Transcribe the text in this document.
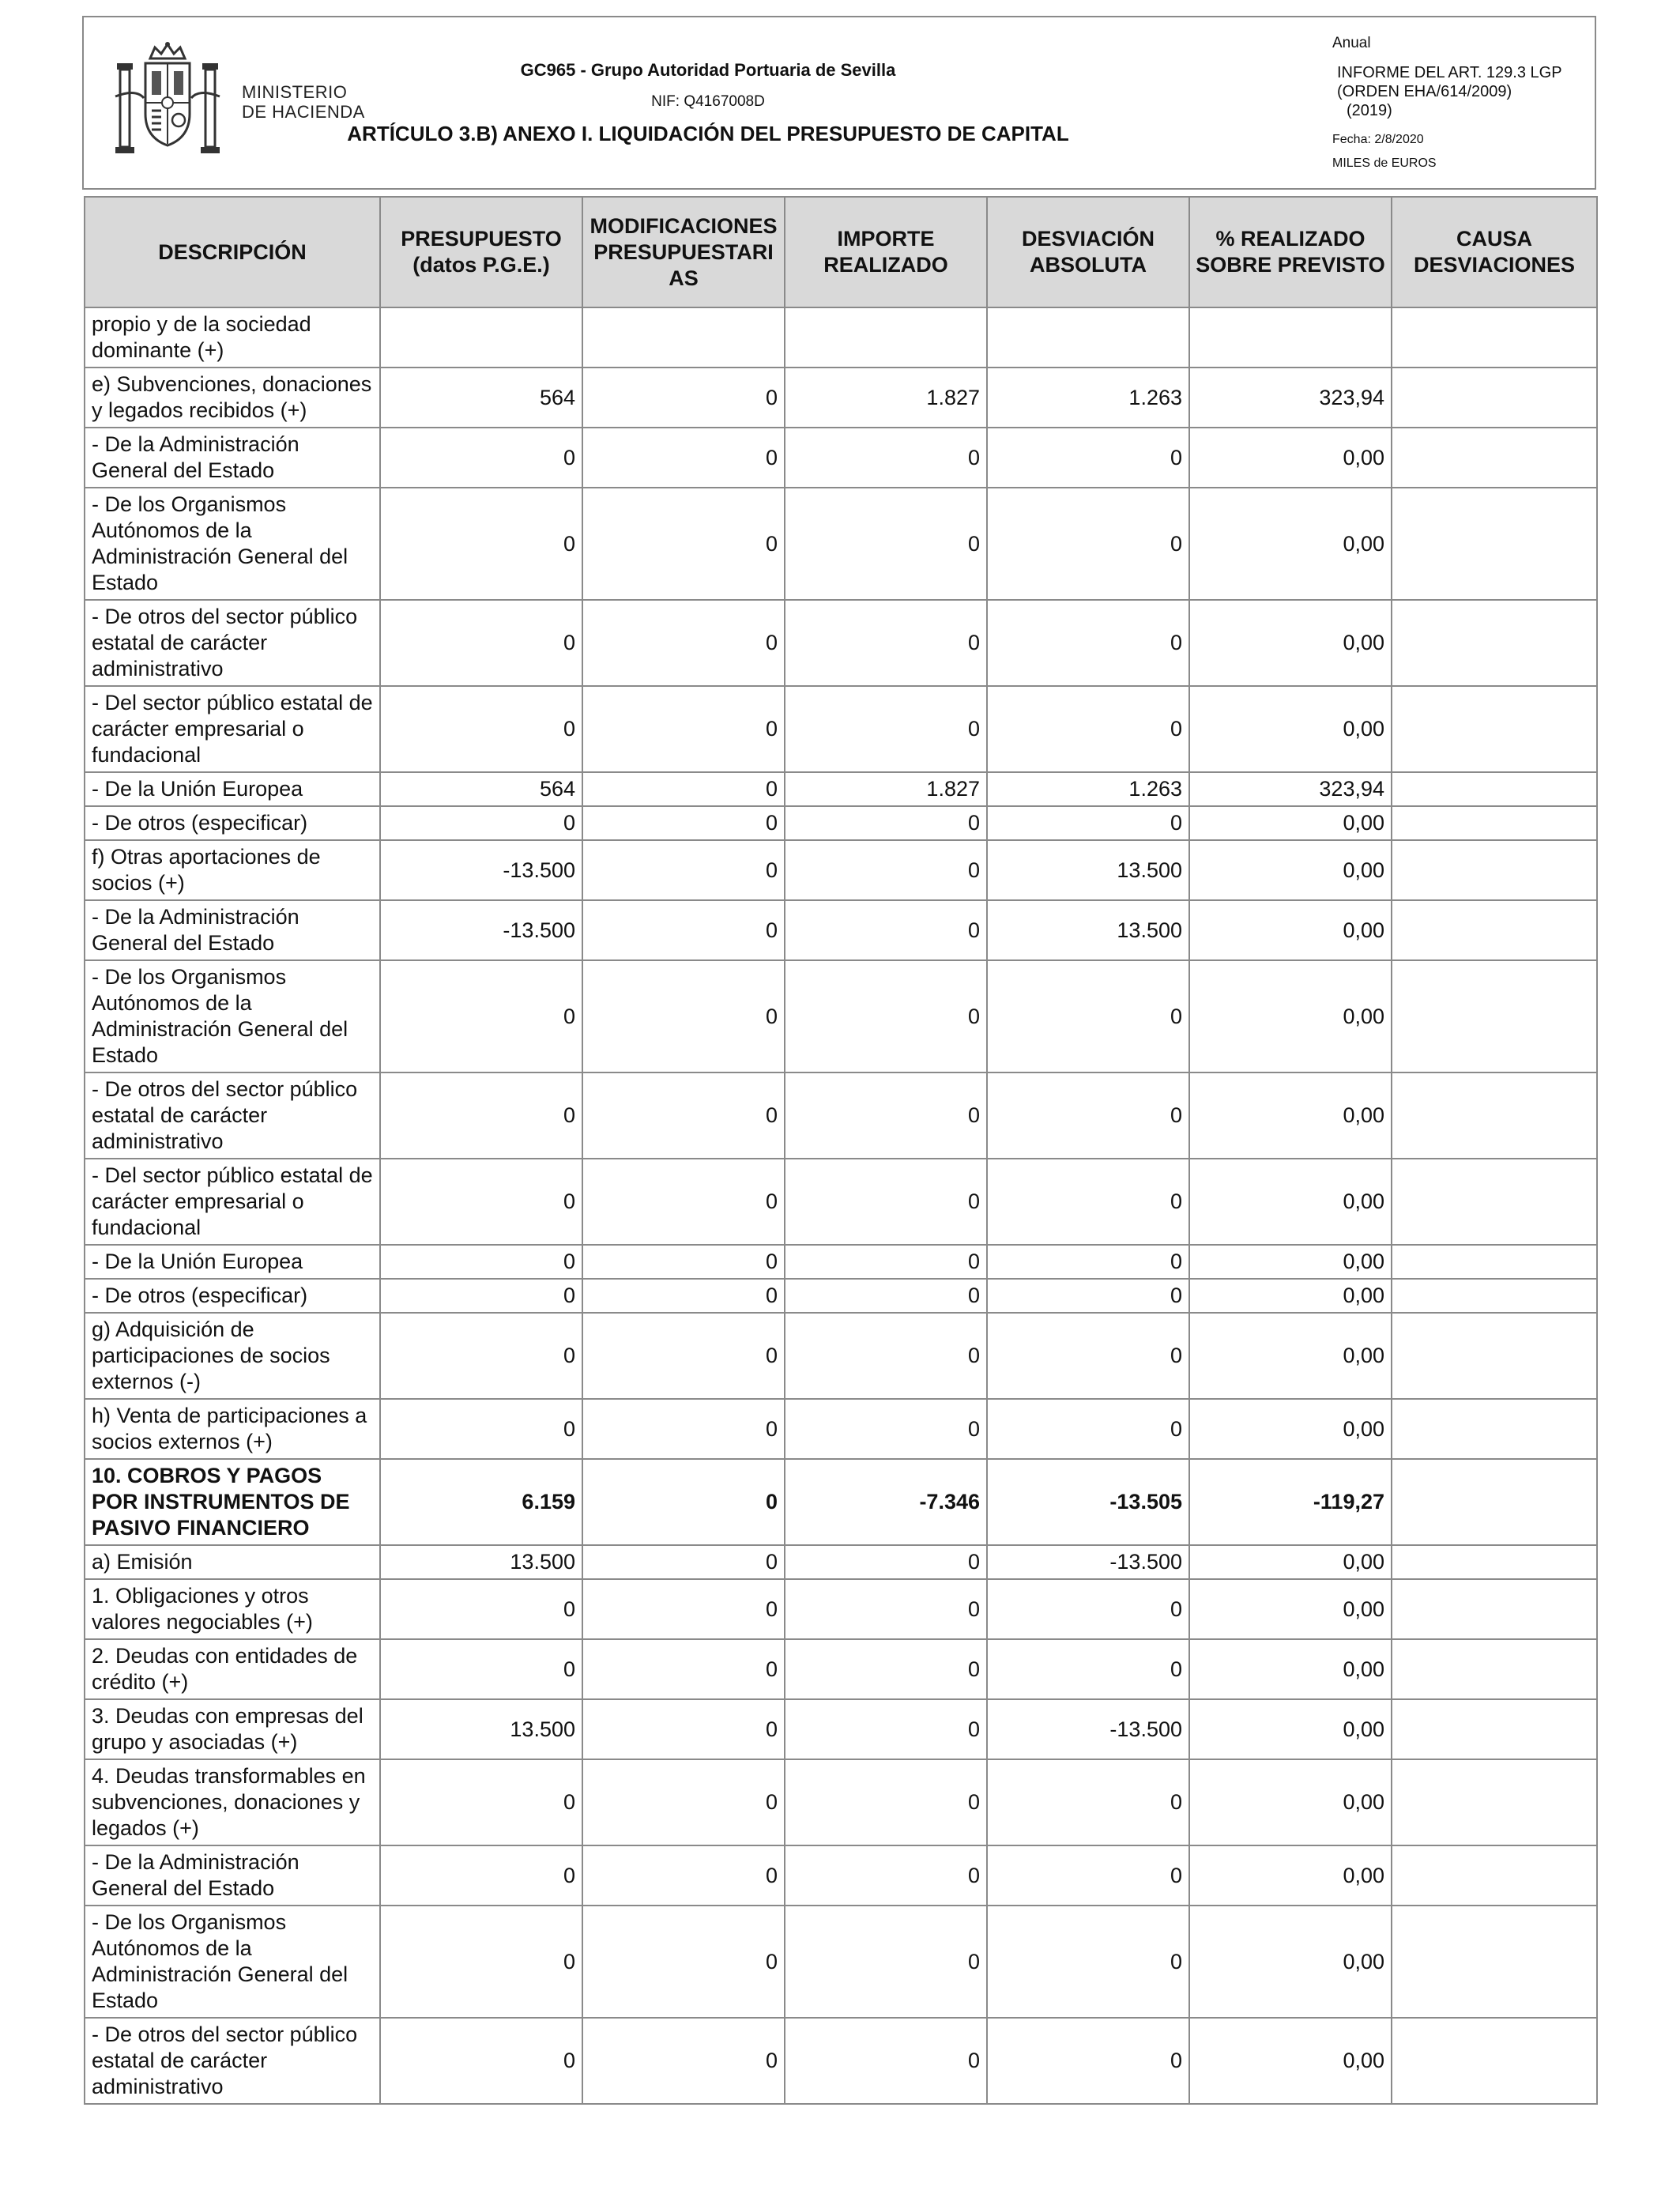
MINISTERIO
DE HACIENDA
GC965 - Grupo Autoridad Portuaria de Sevilla
NIF: Q4167008D
ARTÍCULO 3.B) ANEXO I. LIQUIDACIÓN DEL PRESUPUESTO DE CAPITAL
Anual
INFORME DEL ART. 129.3 LGP
(ORDEN EHA/614/2009)
(2019)
Fecha: 2/8/2020
MILES de EUROS
DESCRIPCIÓN	PRESUPUESTO (datos P.G.E.)	MODIFICACIONES PRESUPUESTARIAS	IMPORTE REALIZADO	DESVIACIÓN ABSOLUTA	% REALIZADO SOBRE PREVISTO	CAUSA DESVIACIONES
propio y de la sociedad dominante (+)						
e) Subvenciones, donaciones y legados recibidos (+)	564	0	1.827	1.263	323,94	
- De la Administración General del Estado	0	0	0	0	0,00	
- De los Organismos Autónomos de la Administración General del Estado	0	0	0	0	0,00	
- De otros del sector público estatal de carácter administrativo	0	0	0	0	0,00	
- Del sector público estatal de carácter empresarial o fundacional	0	0	0	0	0,00	
- De la Unión Europea	564	0	1.827	1.263	323,94	
- De otros (especificar)	0	0	0	0	0,00	
f) Otras aportaciones de socios (+)	-13.500	0	0	13.500	0,00	
- De la Administración General del Estado	-13.500	0	0	13.500	0,00	
- De los Organismos Autónomos de la Administración General del Estado	0	0	0	0	0,00	
- De otros del sector público estatal de carácter administrativo	0	0	0	0	0,00	
- Del sector público estatal de carácter empresarial o fundacional	0	0	0	0	0,00	
- De la Unión Europea	0	0	0	0	0,00	
- De otros (especificar)	0	0	0	0	0,00	
g) Adquisición de participaciones de socios externos (-)	0	0	0	0	0,00	
h) Venta de participaciones a socios externos (+)	0	0	0	0	0,00	
10. COBROS Y PAGOS POR INSTRUMENTOS DE PASIVO FINANCIERO	6.159	0	-7.346	-13.505	-119,27	
a) Emisión	13.500	0	0	-13.500	0,00	
1. Obligaciones y otros valores negociables (+)	0	0	0	0	0,00	
2. Deudas con entidades de crédito (+)	0	0	0	0	0,00	
3. Deudas con empresas del grupo y asociadas (+)	13.500	0	0	-13.500	0,00	
4. Deudas transformables en subvenciones, donaciones y legados (+)	0	0	0	0	0,00	
- De la Administración General del Estado	0	0	0	0	0,00	
- De los Organismos Autónomos de la Administración General del Estado	0	0	0	0	0,00	
- De otros del sector público estatal de carácter administrativo	0	0	0	0	0,00	
